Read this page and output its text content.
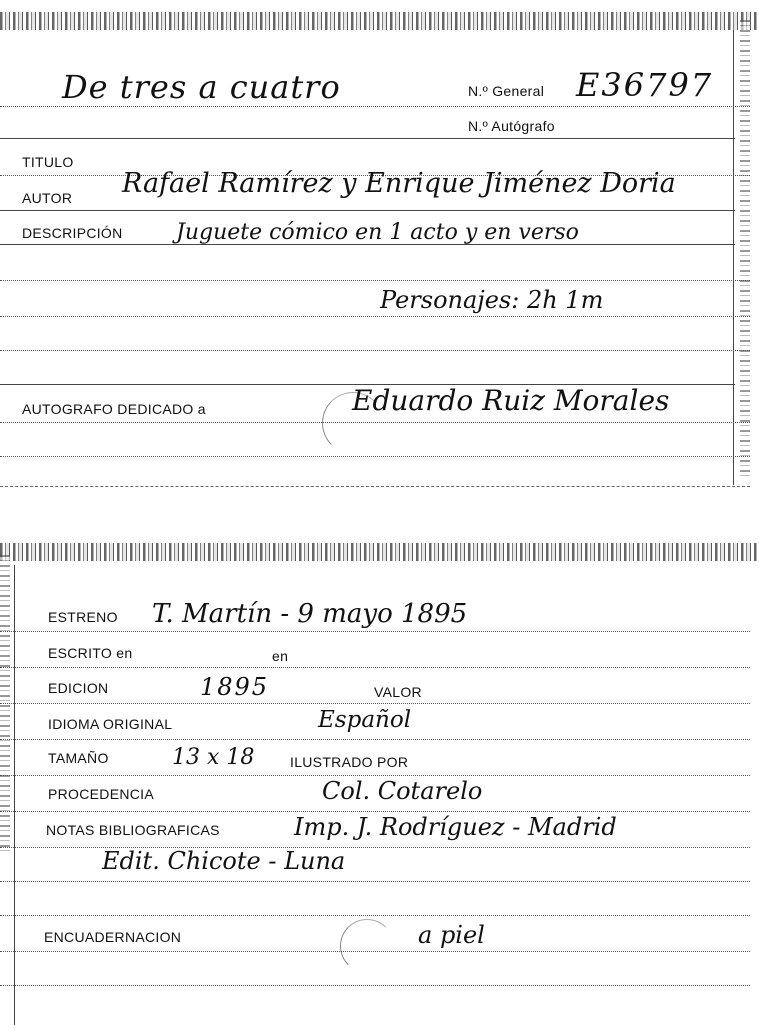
De tres a cuatro	N.º General E36797
N.º Autógrafo
TITULO
AUTOR Rafael Ramírez y Enrique Jiménez Doria
DESCRIPCIÓN Juguete cómico en 1 acto y en verso
Personajes: 2h 1m
AUTOGRAFO DEDICADO a	Eduardo Ruiz Morales
ESTRENO T. Martín - 9 mayo 1895
ESCRITO en	en
EDICION	1895	VALOR
IDIOMA ORIGINAL	Español
TAMAÑO	13 x 18	ILUSTRADO POR
PROCEDENCIA	Col. Cotarelo
NOTAS BIBLIOGRAFICAS	Imp. J. Rodríguez - Madrid
Edit. Chicote - Luna
ENCUADERNACION	a piel
